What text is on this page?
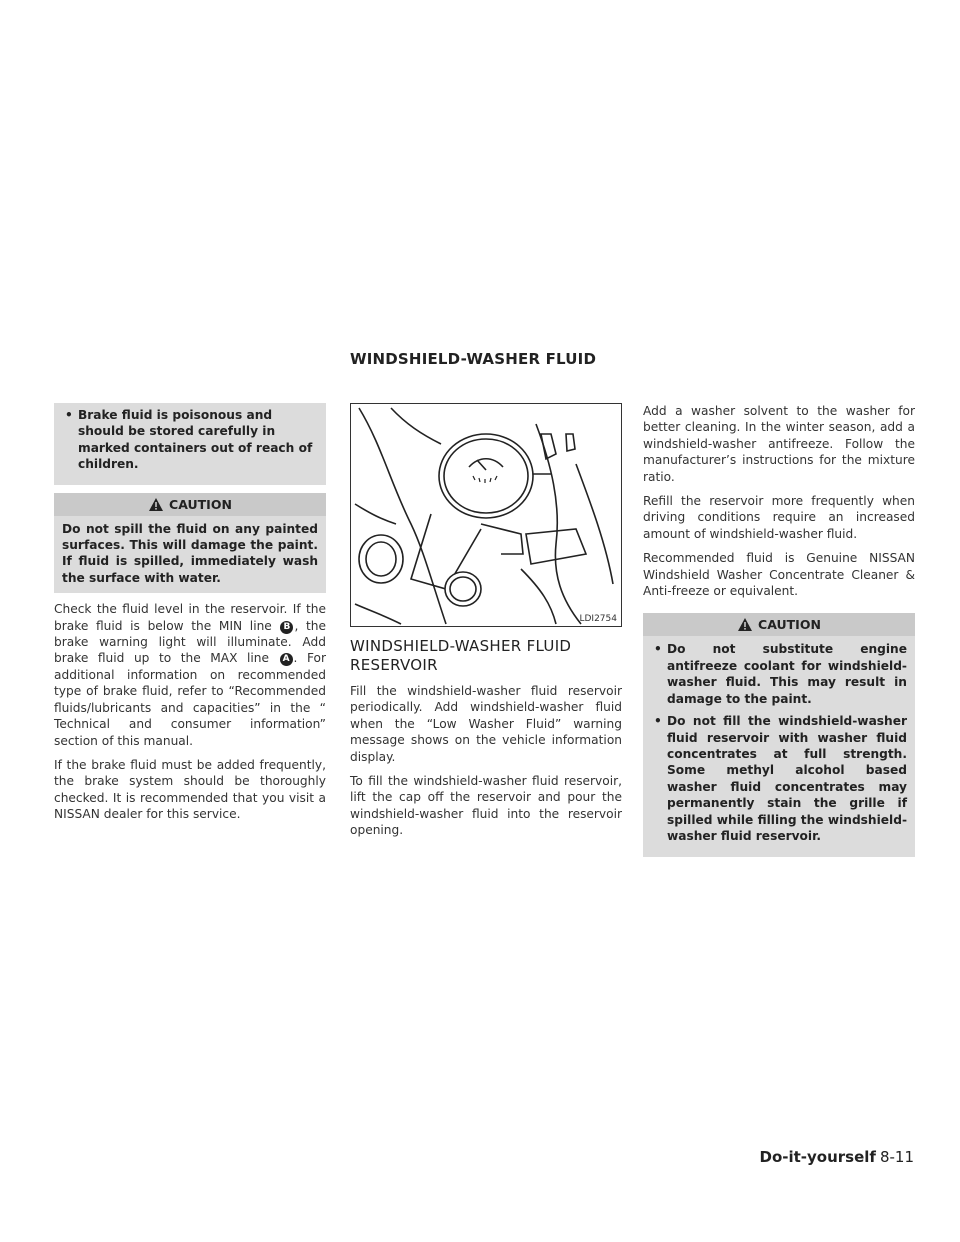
WINDSHIELD-WASHER FLUID
• Brake fluid is poisonous and should be stored carefully in marked containers out of reach of children.
CAUTION
Do not spill the fluid on any painted surfaces. This will damage the paint. If fluid is spilled, immediately wash the surface with water.

Check the fluid level in the reservoir. If the brake fluid is below the MIN line B , the brake warning light will illuminate. Add brake fluid up to the MAX line A . For additional information on recommended type of brake fluid, refer to “Recommended fluids/lubricants and capacities” in the “ Technical and consumer information” section of this manual.

If the brake fluid must be added frequently, the brake system should be thoroughly checked. It is recommended that you visit a NISSAN dealer for this service.

LDI2754
WINDSHIELD-WASHER FLUID RESERVOIR

Fill the windshield-washer fluid reservoir periodically. Add windshield-washer fluid when the “Low Washer Fluid” warning message shows on the vehicle information display.

To fill the windshield-washer fluid reservoir, lift the cap off the reservoir and pour the windshield-washer fluid into the reservoir opening.

Add a washer solvent to the washer for better cleaning. In the winter season, add a windshield-washer antifreeze. Follow the manufacturer’s instructions for the mixture ratio.

Refill the reservoir more frequently when driving conditions require an increased amount of windshield-washer fluid.

Recommended fluid is Genuine NISSAN Windshield Washer Concentrate Cleaner & Anti-freeze or equivalent.

CAUTION
• Do not substitute engine antifreeze coolant for windshield-washer fluid. This may result in damage to the paint.
• Do not fill the windshield-washer fluid reservoir with washer fluid concentrates at full strength. Some methyl alcohol based washer fluid concentrates may permanently stain the grille if spilled while filling the windshield-washer fluid reservoir.
Do-it-yourself 8-11
